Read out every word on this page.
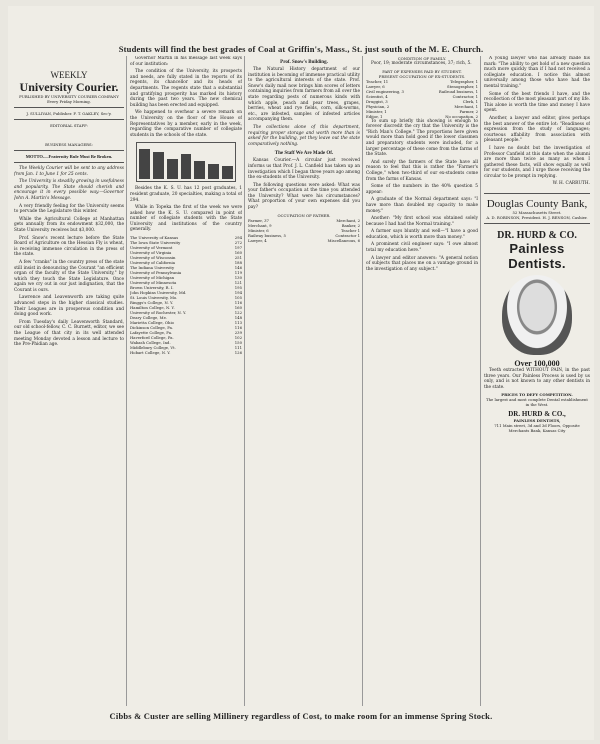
Students will find the best grades of Coal at Griffin's, Mass., St. just south of the M. E. Church.
WEEKLY
University Courier.
PUBLISHED BY UNIVERSITY COURIER COMPANY
Every Friday Morning.
J. SULLIVAN, Publisher. F. T. OAKLEY, Sec'y.
EDITORIAL STAFF:
BUSINESS MANAGERS:
MOTTO.—Fraternity Rule Must Be Broken.

The Weekly Courier will be sent to any address from Jan. 1 to June 1 for 25 cents.

The University is steadily growing in usefulness and popularity. The State should cherish and encourage it in every possible way.—Governor John A. Martin's Message.

A very friendly feeling for the University seems to pervade the Legislature this winter.

While the Agricultural College at Manhattan gets annually from its endowment $32,000, the State University receives but $3,000.

Prof. Snow's recent lecture before the State Board of Agriculture on the Hessian Fly is wheat, is receiving immense circulation in the press of the state.

A few "cranks" in the country press of the state still insist in denouncing the Courant "an efficient organ of the faculty of the State University," by which they touch the State Legislature. Once again we cry out in our just indignation, that the Courant is ours.

Lawrence and Leavenworth are taking quite advanced steps in the higher classical studies. Their Leagues are in prosperous condition and doing good work.

From Tuesday's daily Leavenworth Standard, our old school-fellow, C. C. Burnett, editor, we see the League of that city in its well attended meeting Monday devoted a lesson and lecture to the Pre-Phidian age.

Governor Martin in his message last week says of our institution:

The condition of the University, its prospects and needs, are fully stated in the reports of its regents, its chancellor and its heads of departments. The regents state that a substantial and gratifying prosperity has marked its history during the past two years. The new chemical building has been erected and equipped.

We happened to overhear a severe remark on the University on the floor of the House of Representatives by a member, early in the week, regarding the comparative number of collegiate students in the schools of the state.

Besides the K. S. U. has 12 post graduates, 1 resident graduate, 20 specialties, making a total of 294.

While in Topeka the first of the week we were asked how the K. S. U. compared in point of number of collegiate students with the State University and institutions of the country generally.

The University of Kansas	294
The Iowa State University	272
University of Vermont	197
University of Virginia	160
University of Wisconsin	251
University of California	188
The Indiana University	146
University of Pennsylvania	119
University of Michigan	130
University of Minnesota	121
Brown University, R. I.	195
John Hopkins University, Md.	194
St. Louis University, Mo.	105
Ringgs's College, N. Y.	116
Hamilton College, N. Y.	160
University of Rochester, N. Y.	122
Deary College, Me.	148
Marietta College, Ohio	113
Dickinson College, Pa.	116
Lafayette College, Pa.	239
Haverford College, Pa.	102
Wabash College, Ind.	150
Middlebury College, Vt.	111
Hobart College, N. Y.	126
Prof. Snow's Building.

The Natural History department of our institution is becoming of immense practical utility to the agricultural interests of the state. Prof. Snow's daily mail now brings him scores of letters containing inquiries from farmers from all over the state regarding pests of numerous kinds with which apple, peach and pear trees, grapes, berries, wheat and rye fields, corn, silk-worms, etc., are infested, samples of infested articles accompanying them.

The collections alone of this department, requiring proper storage and worth more than is asked for the building, yet they leave out the state comparatively nothing.

The Staff We Are Made Of.

Kansas Courier.—A circular just received informs us that Prof. J. L. Canfield has taken up an investigation which I began three years ago among the ex-students of the University.

The following questions were asked: What was your father's occupation at the time you attended the University? What were his circumstances? What proportion of your own expenses did you pay?

OCCUPATION OF FATHER.
Farmer, 37	Merchant, 2
Merchant, 9	Banker, 2
Minister, 6	Teacher 1
Railway business, 5	Contractor 1
Lawyer, 4	Miscellaneous, 6
CONDITION OF FAMILY.

Poor, 19; moderate circumstances, 37; rich, 5.

PART OF EXPENSES PAID BY STUDENT.
PRESENT OCCUPATION OF EX-STUDENTS.
Teacher, 11	Telegrapher, 1
Lawyer, 6	Stenographer, 1
Civil engineering, 3	Railroad business, 1
Scientist, 4	Contractor, 1
Druggist, 3	Clerk, 1
Physician, 2	Merchant, 1
Minister, 1	Farmer, 2
Editor, 1	No occupation, 2

To sum up briefly this showing is enough to forever discredit the cry that the University is the "Rich Man's College." The proportions here given would more than hold good if the lower classmen and preparatory students were included, for a larger percentage of these come from the farms of the State.

And surely the farmers of the State have all reason to feel that this is rather the "Farmer's College," when two-third of our ex-students come from the farms of Kansas.

Some of the numbers in the 40% question 5 appear:

A graduate of the Normal department says: "I have more than doubled my capacity to make money."

Another: "My first school was obtained solely because I had had the Normal training."

A farmer says bluntly and well—"I have a good education, which is worth more than money."

A prominent civil engineer says: "I owe almost total my education here."

A lawyer and editor answers: "A general notion of subjects that places me on a vantage ground in the investigation of any subject."

A young lawyer who has already made his mark: "The ability to get hold of a new question much more quickly than if I had not received a collegiate education. I notice this almost universally among those who have had the mental training."

Some of the best friends I have, and the recollection of the most pleasant part of my life. This alone is worth the time and money I have spent.

Another, a lawyer and editor, gives perhaps the best answer of the entire lot: "Readiness of expression from the study of languages; courteous affability from association with pleasant people."

I have no doubt but the investigation of Professor Canfield at this date when the alumni are more than twice as many as when I gathered these facts, will show equally as well for our students, and I urge those receiving the circular to be prompt in replying.

W. H. CARRUTH.

Douglas County Bank,
52 Massachusetts Street.
A. D. ROBINSON, President. H. J. BENSON, Cashier.
DR. HURD & CO.
Painless Dentists.
Over 100,000

Teeth extracted WITHOUT PAIN, in the past three years. Our Painless Process is used by us only, and is not known to any other dentists in the state.

PRICES TO DEFY COMPETITION.
The largest and most complete Dental establishment in the West.
DR. HURD & CO.,
PAINLESS DENTISTS,
711 Main street, 3d and 3d Floors, Opposite Merchants Bank, Kansas City
Cibbs & Custer are selling Millinery regardless of Cost, to make room for an immense Spring Stock.
